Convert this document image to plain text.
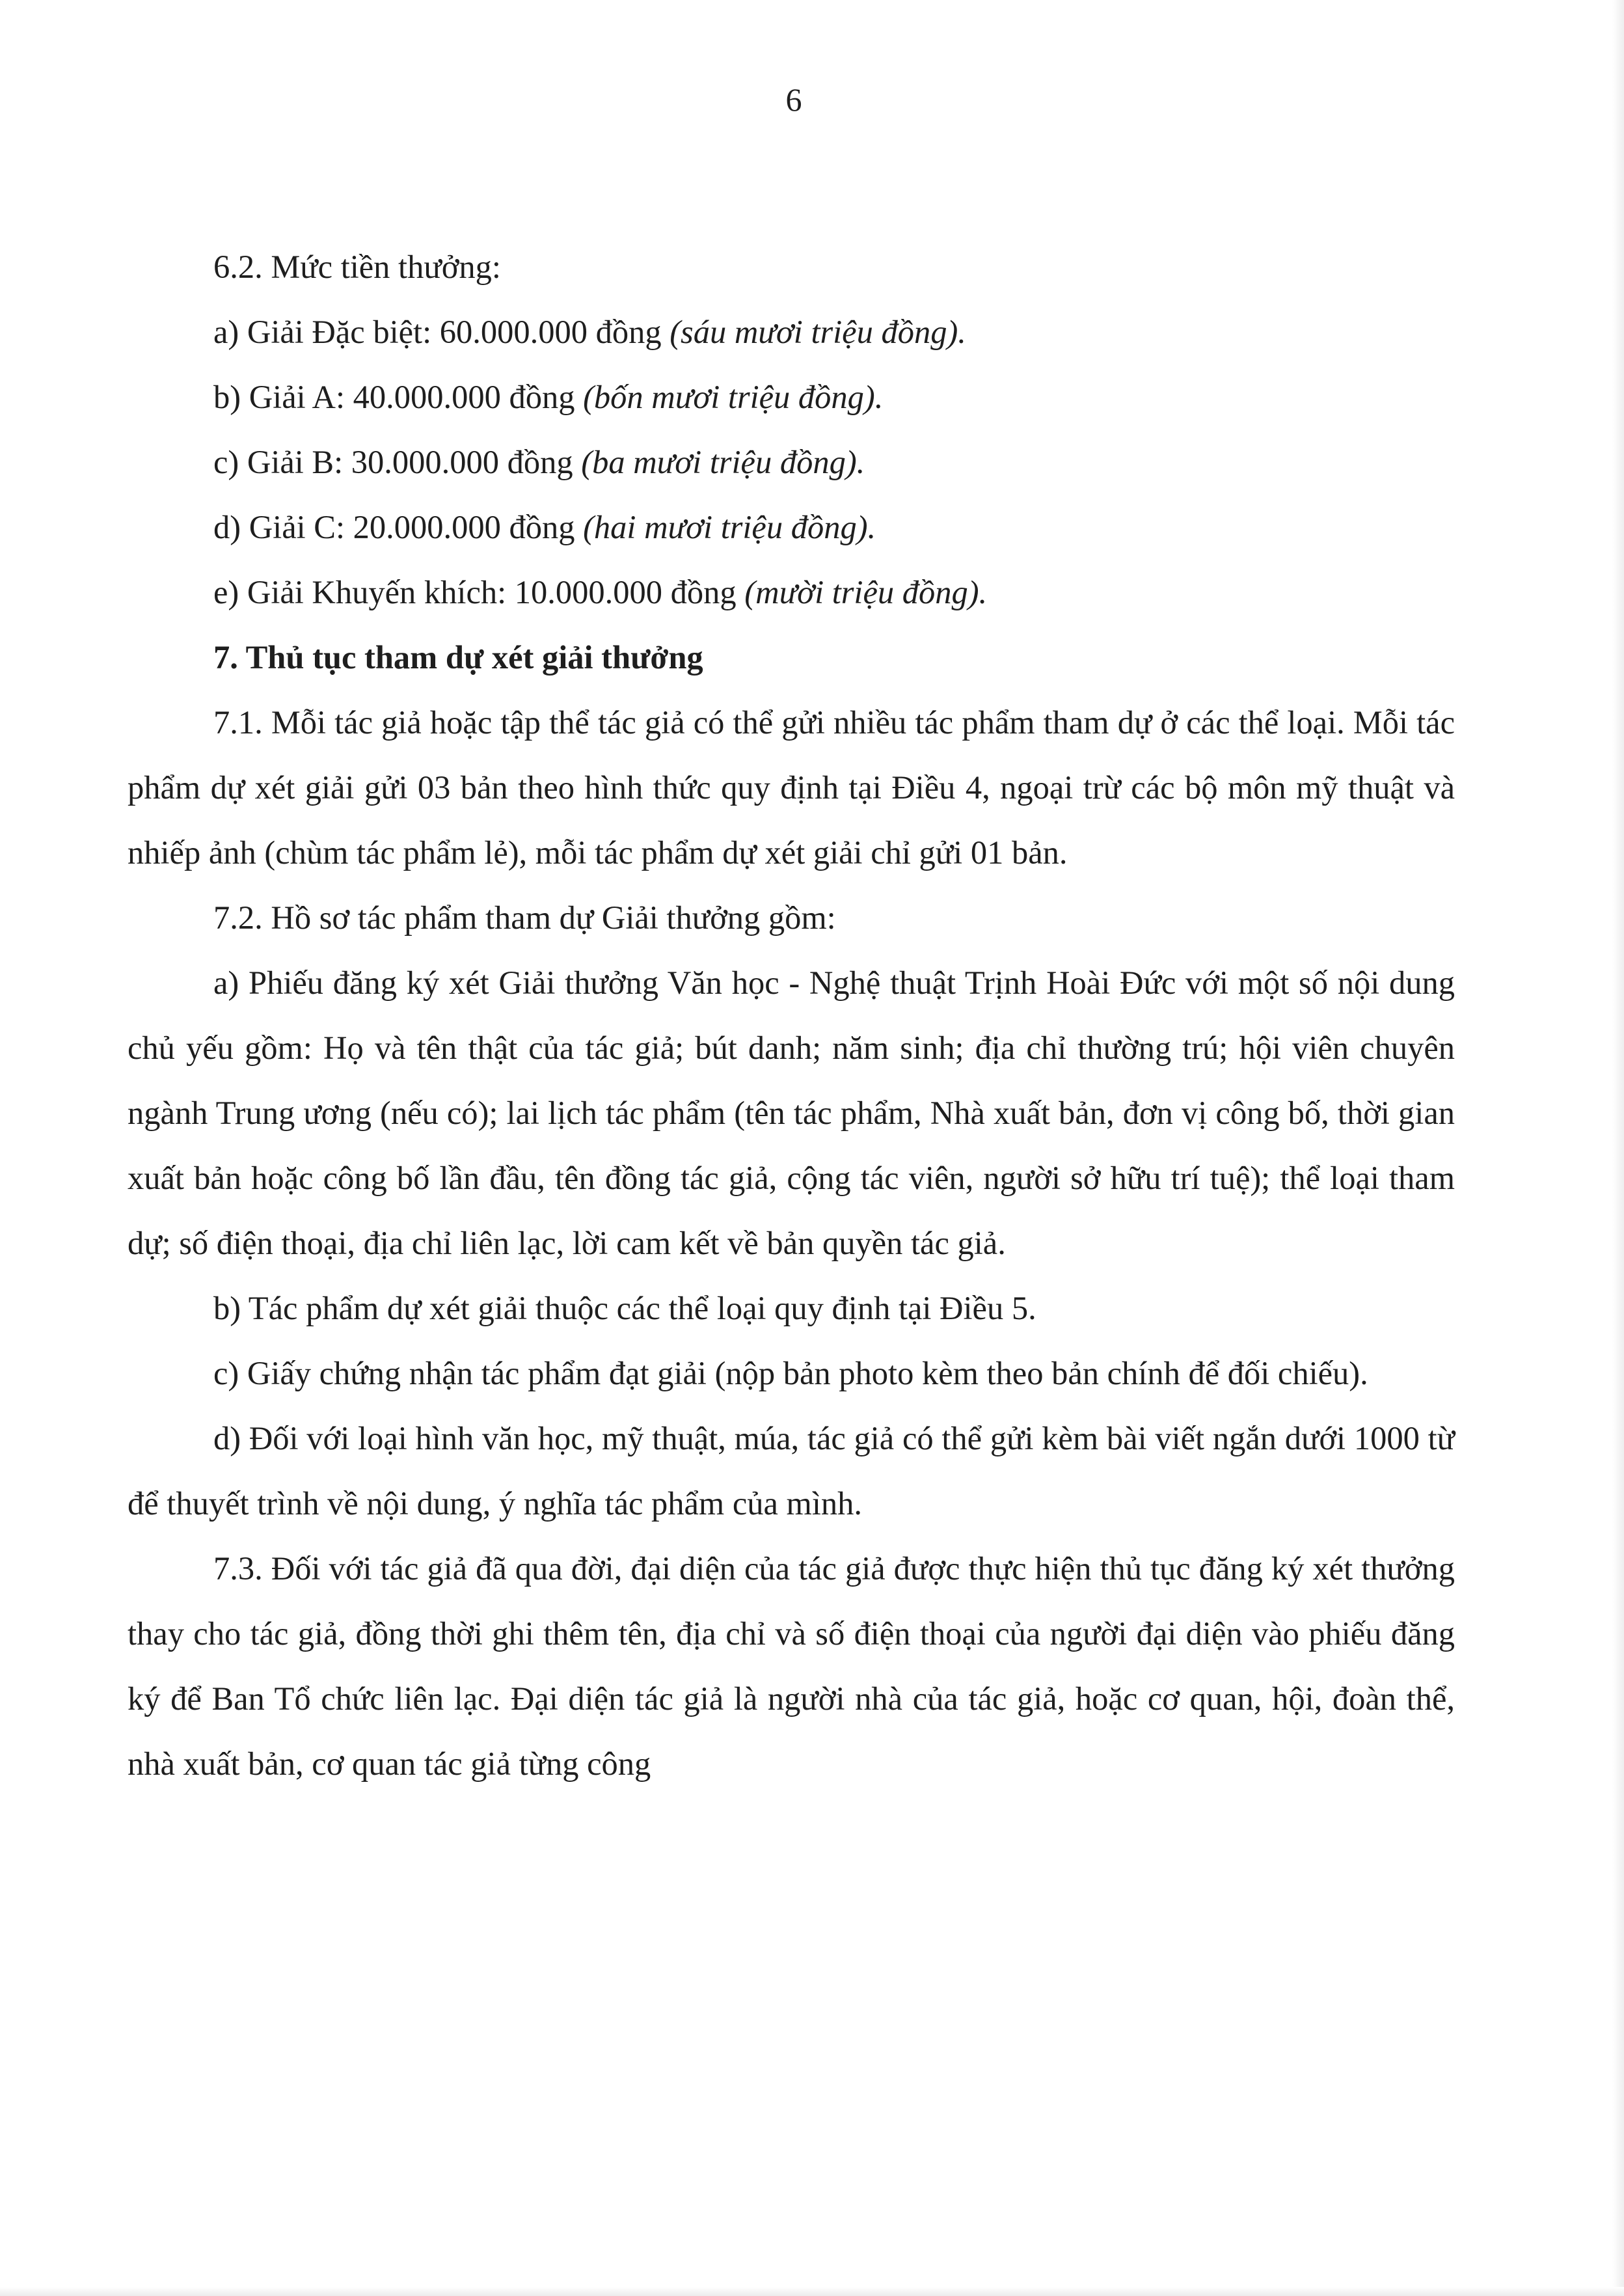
6

6.2. Mức tiền thưởng:

a) Giải Đặc biệt: 60.000.000 đồng (sáu mươi triệu đồng).

b) Giải A: 40.000.000 đồng (bốn mươi triệu đồng).

c) Giải B: 30.000.000 đồng (ba mươi triệu đồng).

d) Giải C: 20.000.000 đồng (hai mươi triệu đồng).

e) Giải Khuyến khích: 10.000.000 đồng (mười triệu đồng).

7. Thủ tục tham dự xét giải thưởng

7.1. Mỗi tác giả hoặc tập thể tác giả có thể gửi nhiều tác phẩm tham dự ở các thể loại. Mỗi tác phẩm dự xét giải gửi 03 bản theo hình thức quy định tại Điều 4, ngoại trừ các bộ môn mỹ thuật và nhiếp ảnh (chùm tác phẩm lẻ), mỗi tác phẩm dự xét giải chỉ gửi 01 bản.

7.2. Hồ sơ tác phẩm tham dự Giải thưởng gồm:

a) Phiếu đăng ký xét Giải thưởng Văn học - Nghệ thuật Trịnh Hoài Đức với một số nội dung chủ yếu gồm: Họ và tên thật của tác giả; bút danh; năm sinh; địa chỉ thường trú; hội viên chuyên ngành Trung ương (nếu có); lai lịch tác phẩm (tên tác phẩm, Nhà xuất bản, đơn vị công bố, thời gian xuất bản hoặc công bố lần đầu, tên đồng tác giả, cộng tác viên, người sở hữu trí tuệ); thể loại tham dự; số điện thoại, địa chỉ liên lạc, lời cam kết về bản quyền tác giả.

b) Tác phẩm dự xét giải thuộc các thể loại quy định tại Điều 5.

c) Giấy chứng nhận tác phẩm đạt giải (nộp bản photo kèm theo bản chính để đối chiếu).

d) Đối với loại hình văn học, mỹ thuật, múa, tác giả có thể gửi kèm bài viết ngắn dưới 1000 từ để thuyết trình về nội dung, ý nghĩa tác phẩm của mình.

7.3. Đối với tác giả đã qua đời, đại diện của tác giả được thực hiện thủ tục đăng ký xét thưởng thay cho tác giả, đồng thời ghi thêm tên, địa chỉ và số điện thoại của người đại diện vào phiếu đăng ký để Ban Tổ chức liên lạc. Đại diện tác giả là người nhà của tác giả, hoặc cơ quan, hội, đoàn thể, nhà xuất bản, cơ quan tác giả từng công
